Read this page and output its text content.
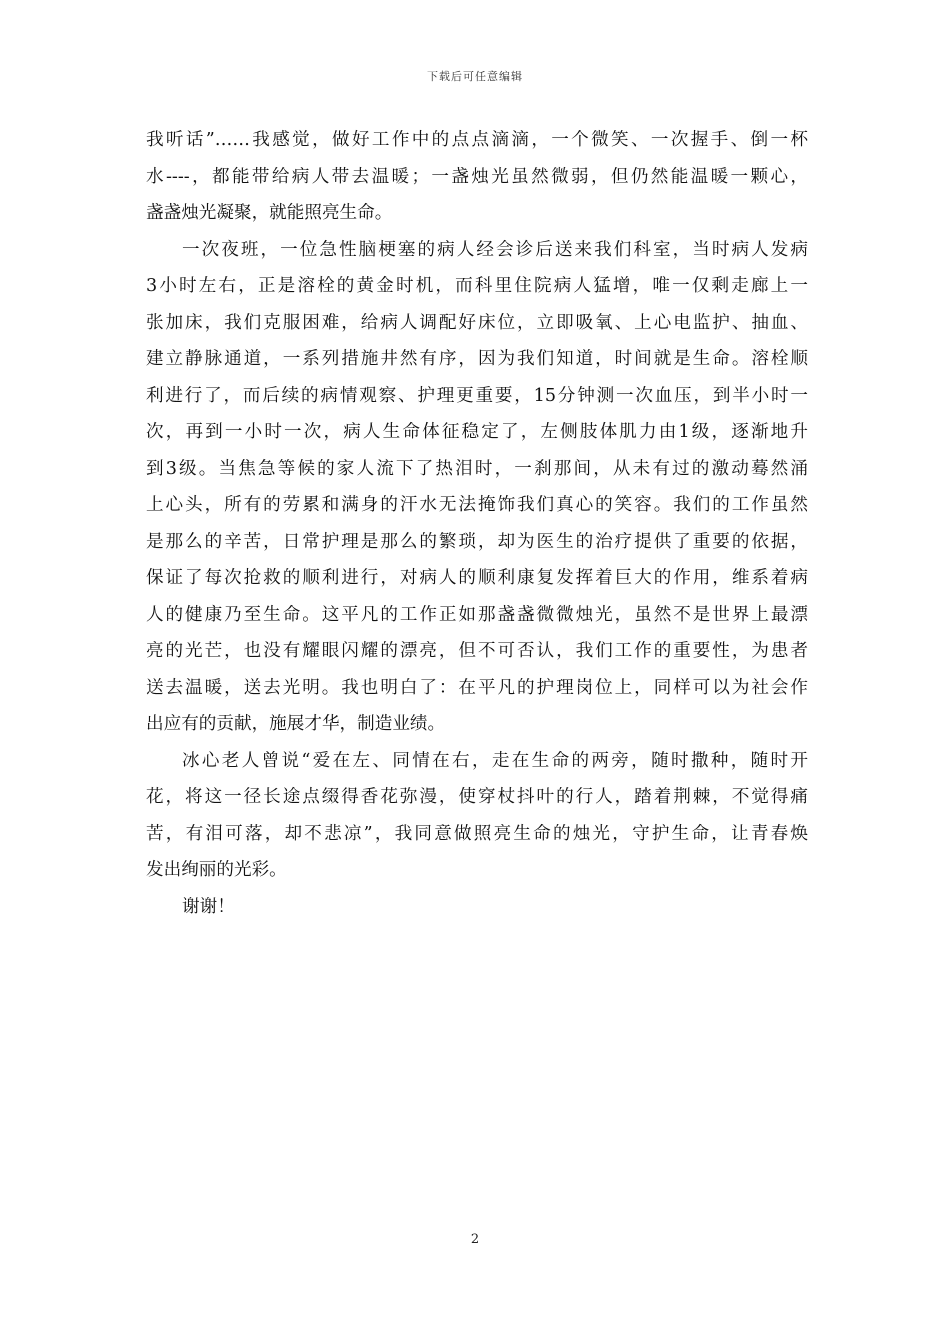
下载后可任意编辑
我听话”……我感觉，做好工作中的点点滴滴，一个微笑、一次握手、倒一杯
水----，都能带给病人带去温暖；一盏烛光虽然微弱，但仍然能温暖一颗心，
盏盏烛光凝聚，就能照亮生命。
一次夜班，一位急性脑梗塞的病人经会诊后送来我们科室，当时病人发病
3小时左右，正是溶栓的黄金时机，而科里住院病人猛增，唯一仅剩走廊上一
张加床，我们克服困难，给病人调配好床位，立即吸氧、上心电监护、抽血、
建立静脉通道，一系列措施井然有序，因为我们知道，时间就是生命。溶栓顺
利进行了，而后续的病情观察、护理更重要，15分钟测一次血压，到半小时一
次，再到一小时一次，病人生命体征稳定了，左侧肢体肌力由1级，逐渐地升
到3级。当焦急等候的家人流下了热泪时，一刹那间，从未有过的激动蓦然涌
上心头，所有的劳累和满身的汗水无法掩饰我们真心的笑容。我们的工作虽然
是那么的辛苦，日常护理是那么的繁琐，却为医生的治疗提供了重要的依据，
保证了每次抢救的顺利进行，对病人的顺利康复发挥着巨大的作用，维系着病
人的健康乃至生命。这平凡的工作正如那盏盏微微烛光，虽然不是世界上最漂
亮的光芒，也没有耀眼闪耀的漂亮，但不可否认，我们工作的重要性，为患者
送去温暖，送去光明。我也明白了：在平凡的护理岗位上，同样可以为社会作
出应有的贡献，施展才华，制造业绩。
冰心老人曾说“爱在左、同情在右，走在生命的两旁，随时撒种，随时开
花，将这一径长途点缀得香花弥漫，使穿杖抖叶的行人，踏着荆棘，不觉得痛
苦，有泪可落，却不悲凉”，我同意做照亮生命的烛光，守护生命，让青春焕
发出绚丽的光彩。
谢谢！
2
